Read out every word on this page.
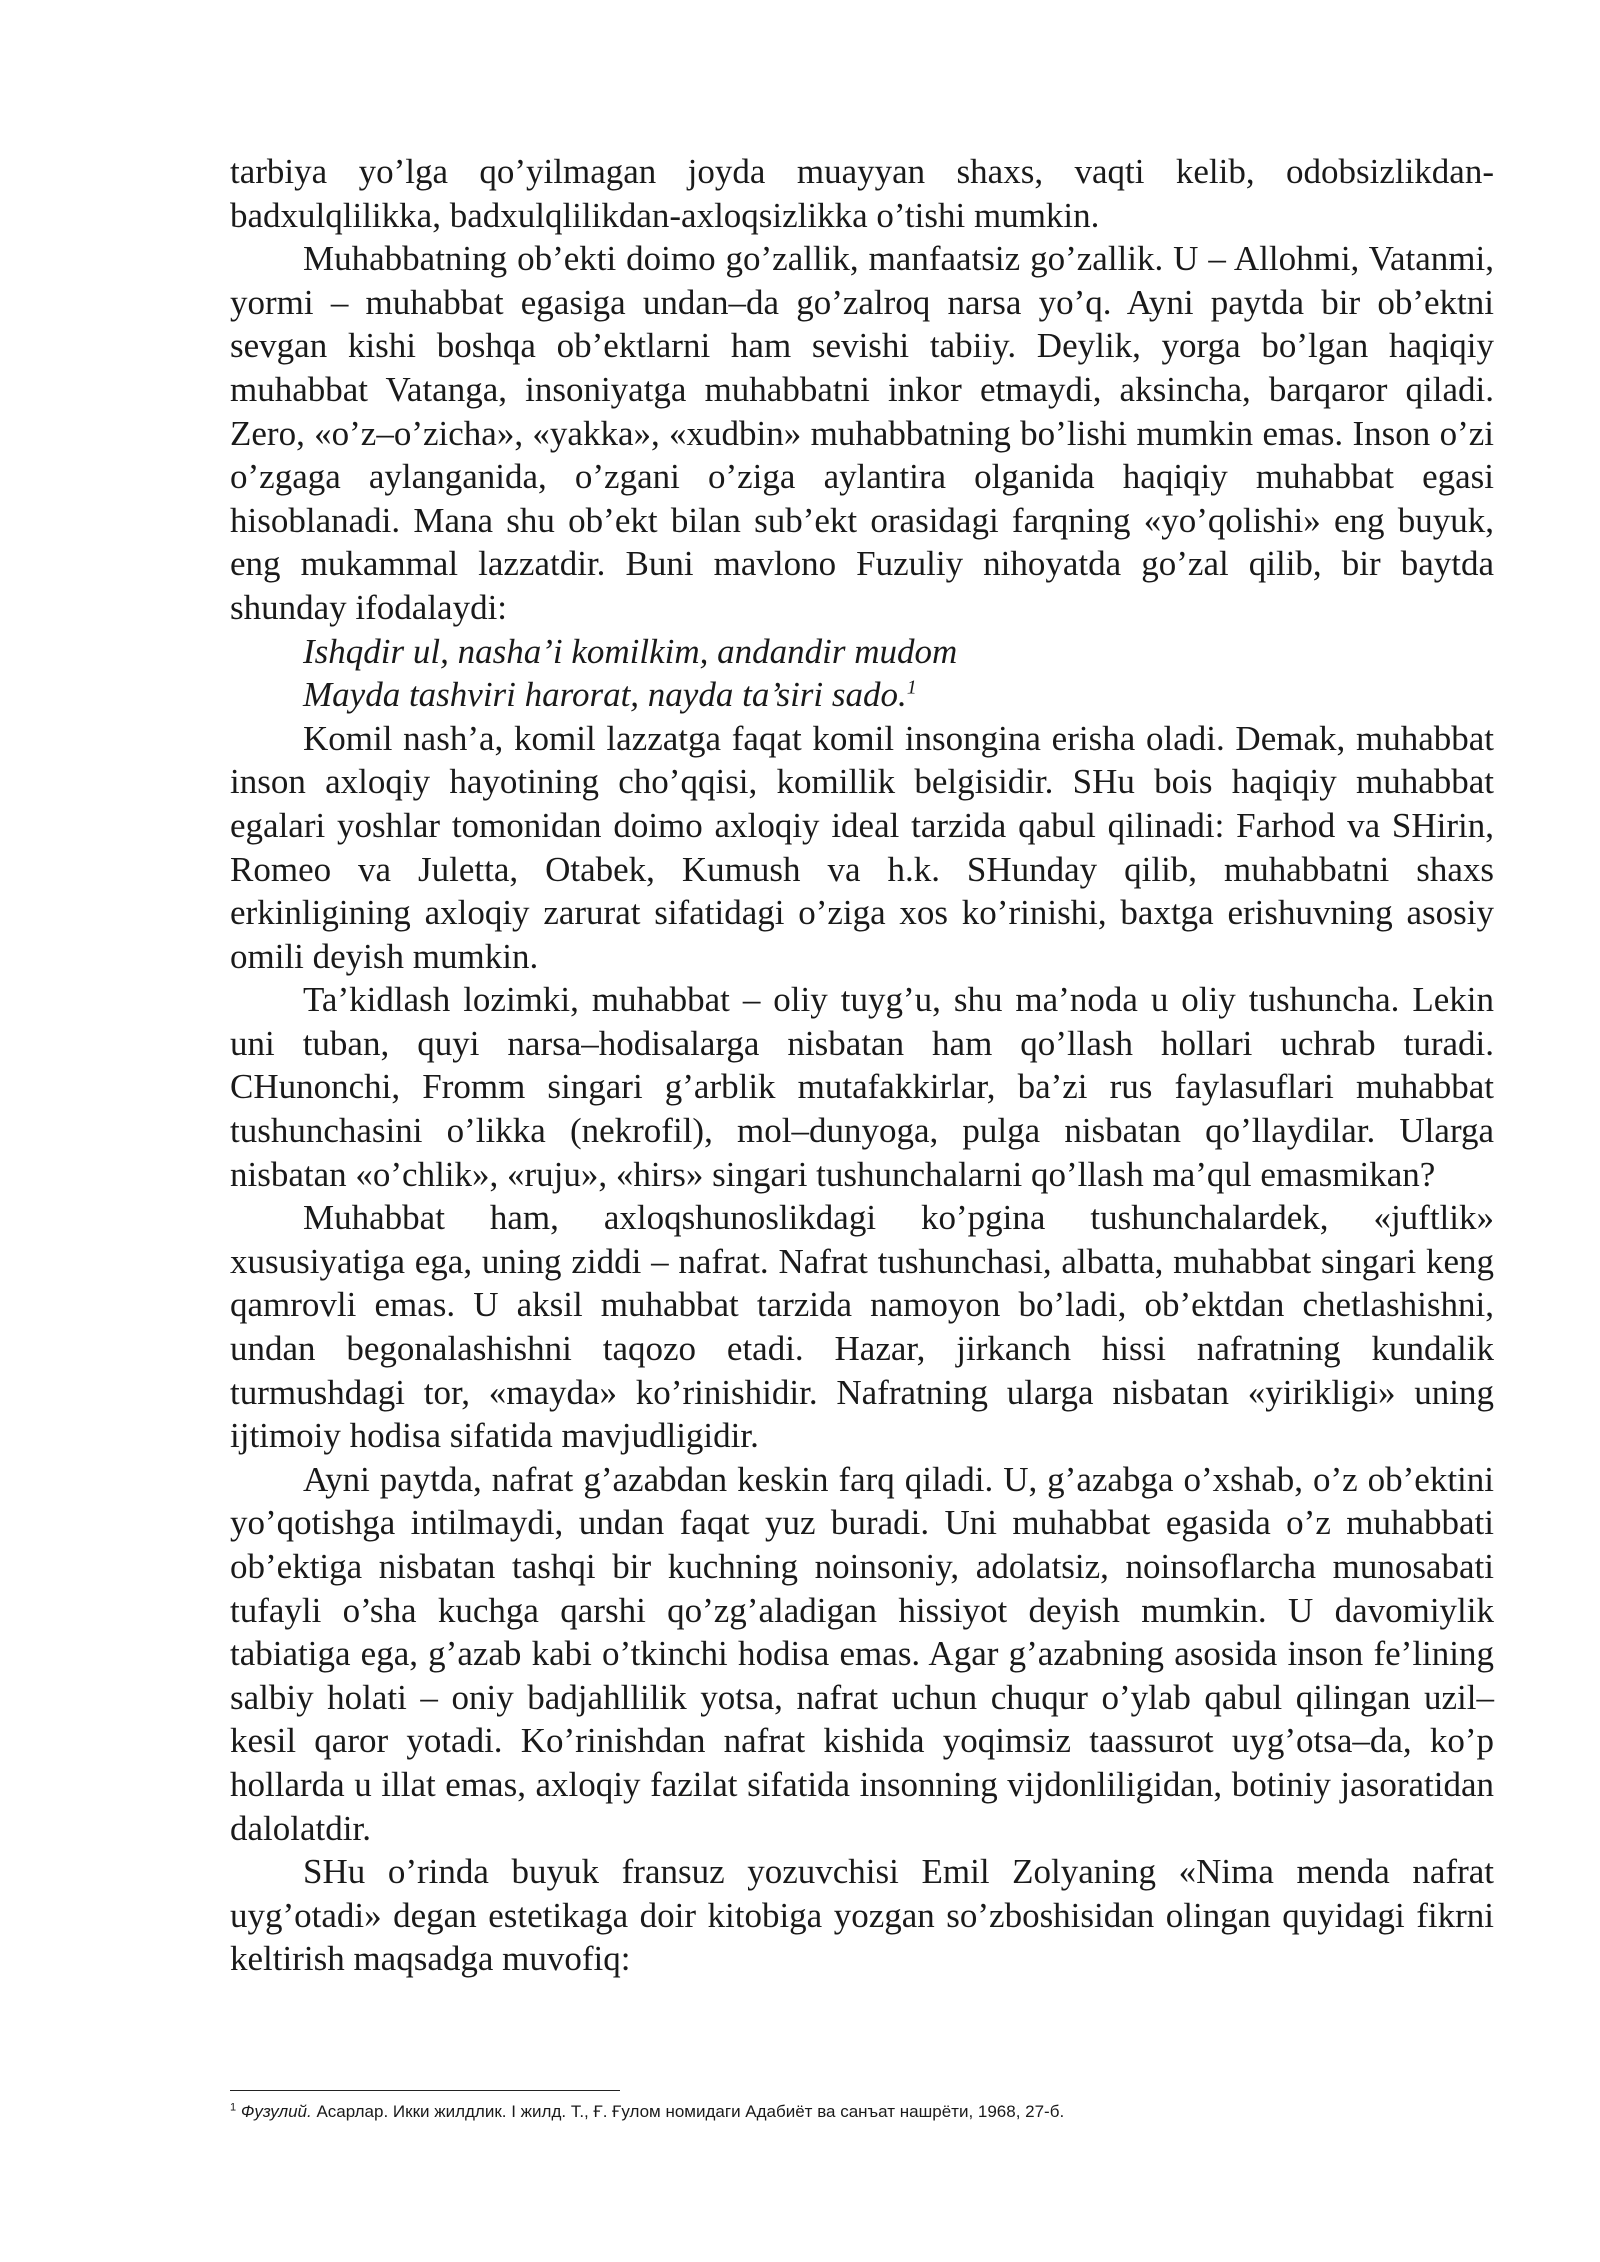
tarbiya yo’lga qo’yilmagan joyda muayyan shaxs, vaqti kelib, odobsizlikdan-badxulqlilikka, badxulqlilikdan-axloqsizlikka o’tishi mumkin.

Muhabbatning ob’ekti doimo go’zallik, manfaatsiz go’zallik. U – Allohmi, Vatanmi, yormi – muhabbat egasiga undan–da go’zalroq narsa yo’q. Ayni paytda bir ob’ektni sevgan kishi boshqa ob’ektlarni ham sevishi tabiiy. Deylik, yorga bo’lgan haqiqiy muhabbat Vatanga, insoniyatga muhabbatni inkor etmaydi, aksincha, barqaror qiladi. Zero, «o’z–o’zicha», «yakka», «xudbin» muhabbatning bo’lishi mumkin emas. Inson o’zi o’zgaga aylanganida, o’zgani o’ziga aylantira olganida haqiqiy muhabbat egasi hisoblanadi. Mana shu ob’ekt bilan sub’ekt orasidagi farqning «yo’qolishi» eng buyuk, eng mukammal lazzatdir. Buni mavlono Fuzuliy nihoyatda go’zal qilib, bir baytda shunday ifodalaydi:

Ishqdir ul, nasha’i komilkim, andandir mudom

Mayda tashviri harorat, nayda ta’siri sado.$^1$

Komil nash’a, komil lazzatga faqat komil insongina erisha oladi. Demak, muhabbat inson axloqiy hayotining cho’qqisi, komillik belgisidir. SHu bois haqiqiy muhabbat egalari yoshlar tomonidan doimo axloqiy ideal tarzida qabul qilinadi: Farhod va SHirin, Romeo va Juletta, Otabek, Kumush va h.k. SHunday qilib, muhabbatni shaxs erkinligining axloqiy zarurat sifatidagi o’ziga xos ko’rinishi, baxtga erishuvning asosiy omili deyish mumkin.

Ta’kidlash lozimki, muhabbat – oliy tuyg’u, shu ma’noda u oliy tushuncha. Lekin uni tuban, quyi narsa–hodisalarga nisbatan ham qo’llash hollari uchrab turadi. CHunonchi, Fromm singari g’arblik mutafakkirlar, ba’zi rus faylasuflari muhabbat tushunchasini o’likka (nekrofil), mol–dunyoga, pulga nisbatan qo’llaydilar. Ularga nisbatan «o’chlik», «ruju», «hirs» singari tushunchalarni qo’llash ma’qul emasmikan?

Muhabbat ham, axloqshunoslikdagi ko’pgina tushunchalardek, «juftlik» xususiyatiga ega, uning ziddi – nafrat. Nafrat tushunchasi, albatta, muhabbat singari keng qamrovli emas. U aksil muhabbat tarzida namoyon bo’ladi, ob’ektdan chetlashishni, undan begonalashishni taqozo etadi. Hazar, jirkanch hissi nafratning kundalik turmushdagi tor, «mayda» ko’rinishidir. Nafratning ularga nisbatan «yirikligi» uning ijtimoiy hodisa sifatida mavjudligidir.

Ayni paytda, nafrat g’azabdan keskin farq qiladi. U, g’azabga o’xshab, o’z ob’ektini yo’qotishga intilmaydi, undan faqat yuz buradi. Uni muhabbat egasida o’z muhabbati ob’ektiga nisbatan tashqi bir kuchning noinsoniy, adolatsiz, noinsoflarcha munosabati tufayli o’sha kuchga qarshi qo’zg’aladigan hissiyot deyish mumkin. U davomiylik tabiatiga ega, g’azab kabi o’tkinchi hodisa emas. Agar g’azabning asosida inson fe’lining salbiy holati – oniy badjahllilik yotsa, nafrat uchun chuqur o’ylab qabul qilingan uzil–kesil qaror yotadi. Ko’rinishdan nafrat kishida yoqimsiz taassurot uyg’otsa–da, ko’p hollarda u illat emas, axloqiy fazilat sifatida insonning vijdonliligidan, botiniy jasoratidan dalolatdir.

SHu o’rinda buyuk fransuz yozuvchisi Emil Zolyaning «Nima menda nafrat uyg’otadi» degan estetikaga doir kitobiga yozgan so’zboshisidan olingan quyidagi fikrni keltirish maqsadga muvofiq:

$^1$ Фузулий. Асарлар. Икки жилдлик. I жилд. Т., Ғ. Ғулом номидаги Адабиёт ва санъат нашрёти, 1968, 27-б.
